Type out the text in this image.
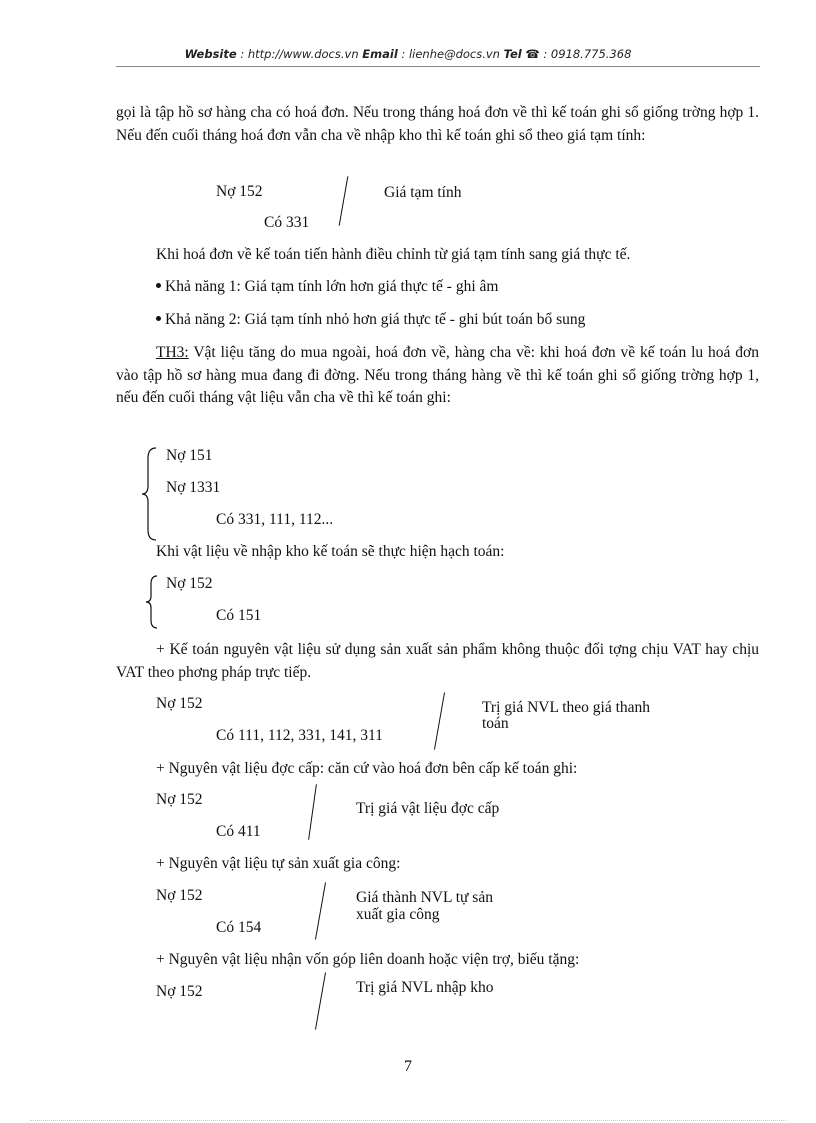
Website : http://www.docs.vn Email : lienhe@docs.vn Tel ☎ : 0918.775.368
gọi là tập hồ sơ hàng cha có hoá đơn. Nếu trong tháng hoá đơn về thì kế toán ghi sổ giống trờng hợp 1. Nếu đến cuối tháng hoá đơn vẫn cha về nhập kho thì kế toán ghi sổ theo giá tạm tính:
Nợ 152
Có 331
Giá tạm tính
Khi hoá đơn về kế toán tiến hành điều chỉnh từ giá tạm tính sang giá thực tế.
Khả năng 1: Giá tạm tính lớn hơn giá thực tế - ghi âm
Khả năng 2: Giá tạm tính nhỏ hơn giá thực tế - ghi bút toán bổ sung
TH3: Vật liệu tăng do mua ngoài, hoá đơn về, hàng cha về: khi hoá đơn về kế toán lu hoá đơn vào tập hồ sơ hàng mua đang đi đờng. Nếu trong tháng hàng về thì kế toán ghi sổ giống trờng hợp 1, nếu đến cuối tháng vật liệu vẫn cha về thì kế toán ghi:
Nợ 151
Nợ 1331
Có 331, 111, 112...
Khi vật liệu về nhập kho kế toán sẽ thực hiện hạch toán:
Nợ 152
Có 151
+ Kế toán nguyên vật liệu sử dụng sản xuất sản phẩm không thuộc đối tợng chịu VAT hay chịu VAT theo phơng pháp trực tiếp.
Nợ 152
Có 111, 112, 331, 141, 311
Trị giá NVL theo giá thanh
toán
+ Nguyên vật liệu đợc cấp: căn cứ vào hoá đơn bên cấp kế toán ghi:
Nợ 152
Có 411
Trị giá vật liệu đợc cấp
+ Nguyên vật liệu tự sản xuất gia công:
Nợ 152
Có 154
Giá thành NVL tự sản
xuất gia công
+ Nguyên vật liệu nhận vốn góp liên doanh hoặc viện trợ, biếu tặng:
Nợ 152	Trị giá NVL nhập kho
7
